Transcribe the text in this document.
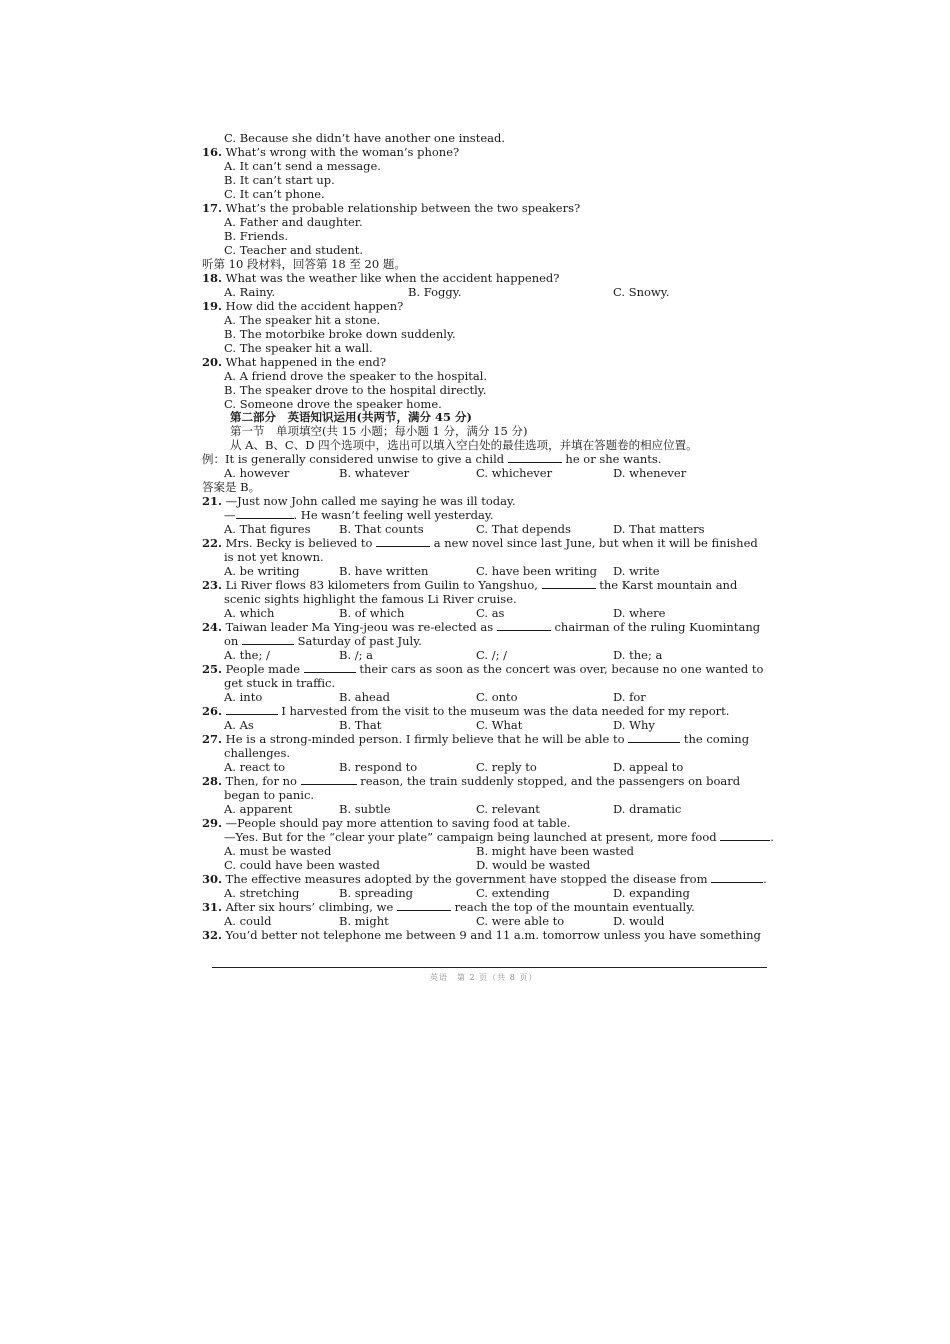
C. Because she didn’t have another one instead.
16. What’s wrong with the woman’s phone?
A. It can’t send a message.
B. It can’t start up.
C. It can’t phone.
17. What’s the probable relationship between the two speakers?
A. Father and daughter.
B. Friends.
C. Teacher and student.
听第 10 段材料，回答第 18 至 20 题。
18. What was the weather like when the accident happened?
A. Rainy.	B. Foggy.	C. Snowy.
19. How did the accident happen?
A. The speaker hit a stone.
B. The motorbike broke down suddenly.
C. The speaker hit a wall.
20. What happened in the end?
A. A friend drove the speaker to the hospital.
B. The speaker drove to the hospital directly.
C. Someone drove the speaker home.
第二部分　英语知识运用(共两节，满分 45 分)
第一节　单项填空(共 15 小题；每小题 1 分，满分 15 分)
从 A、B、C、D 四个选项中，选出可以填入空白处的最佳选项，并填在答题卷的相应位置。
例：It is generally considered unwise to give a child	he or she wants.
A. however	B. whatever	C. whichever	D. whenever
答案是 B。
21. —Just now John called me saying he was ill today.
—	. He wasn’t feeling well yesterday.
A. That figures B. That counts	C. That depends	D. That matters
22. Mrs. Becky is believed to	a new novel since last June, but when it will be finished
is not yet known.
A. be writing	B. have written	C. have been writing D. write
23. Li River flows 83 kilometers from Guilin to Yangshuo,	the Karst mountain and
scenic sights highlight the famous Li River cruise.
A. which	B. of which	C. as	D. where
24. Taiwan leader Ma Ying-jeou was re-elected as	chairman of the ruling Kuomintang
on	Saturday of past July.
A. the; /	B. /; a	C. /; /	D. the; a
25. People made	their cars as soon as the concert was over, because no one wanted to
get stuck in traffic.
A. into	B. ahead	C. onto	D. for
26.	I harvested from the visit to the museum was the data needed for my report.
A. As	B. That	C. What	D. Why
27. He is a strong-minded person. I firmly believe that he will be able to	the coming
challenges.
A. react to	B. respond to	C. reply to	D. appeal to
28. Then, for no	reason, the train suddenly stopped, and the passengers on board
began to panic.
A. apparent	B. subtle	C. relevant	D. dramatic
29. —People should pay more attention to saving food at table.
—Yes. But for the “clear your plate” campaign being launched at present, more food	.
A. must be wasted	B. might have been wasted
C. could have been wasted	D. would be wasted
30. The effective measures adopted by the government have stopped the disease from	.
A. stretching	B. spreading	C. extending	D. expanding
31. After six hours’ climbing, we	reach the top of the mountain eventually.
A. could	B. might	C. were able to	D. would
32. You’d better not telephone me between 9 and 11 a.m. tomorrow unless you have something
英语　第 2 页（共 8 页）
